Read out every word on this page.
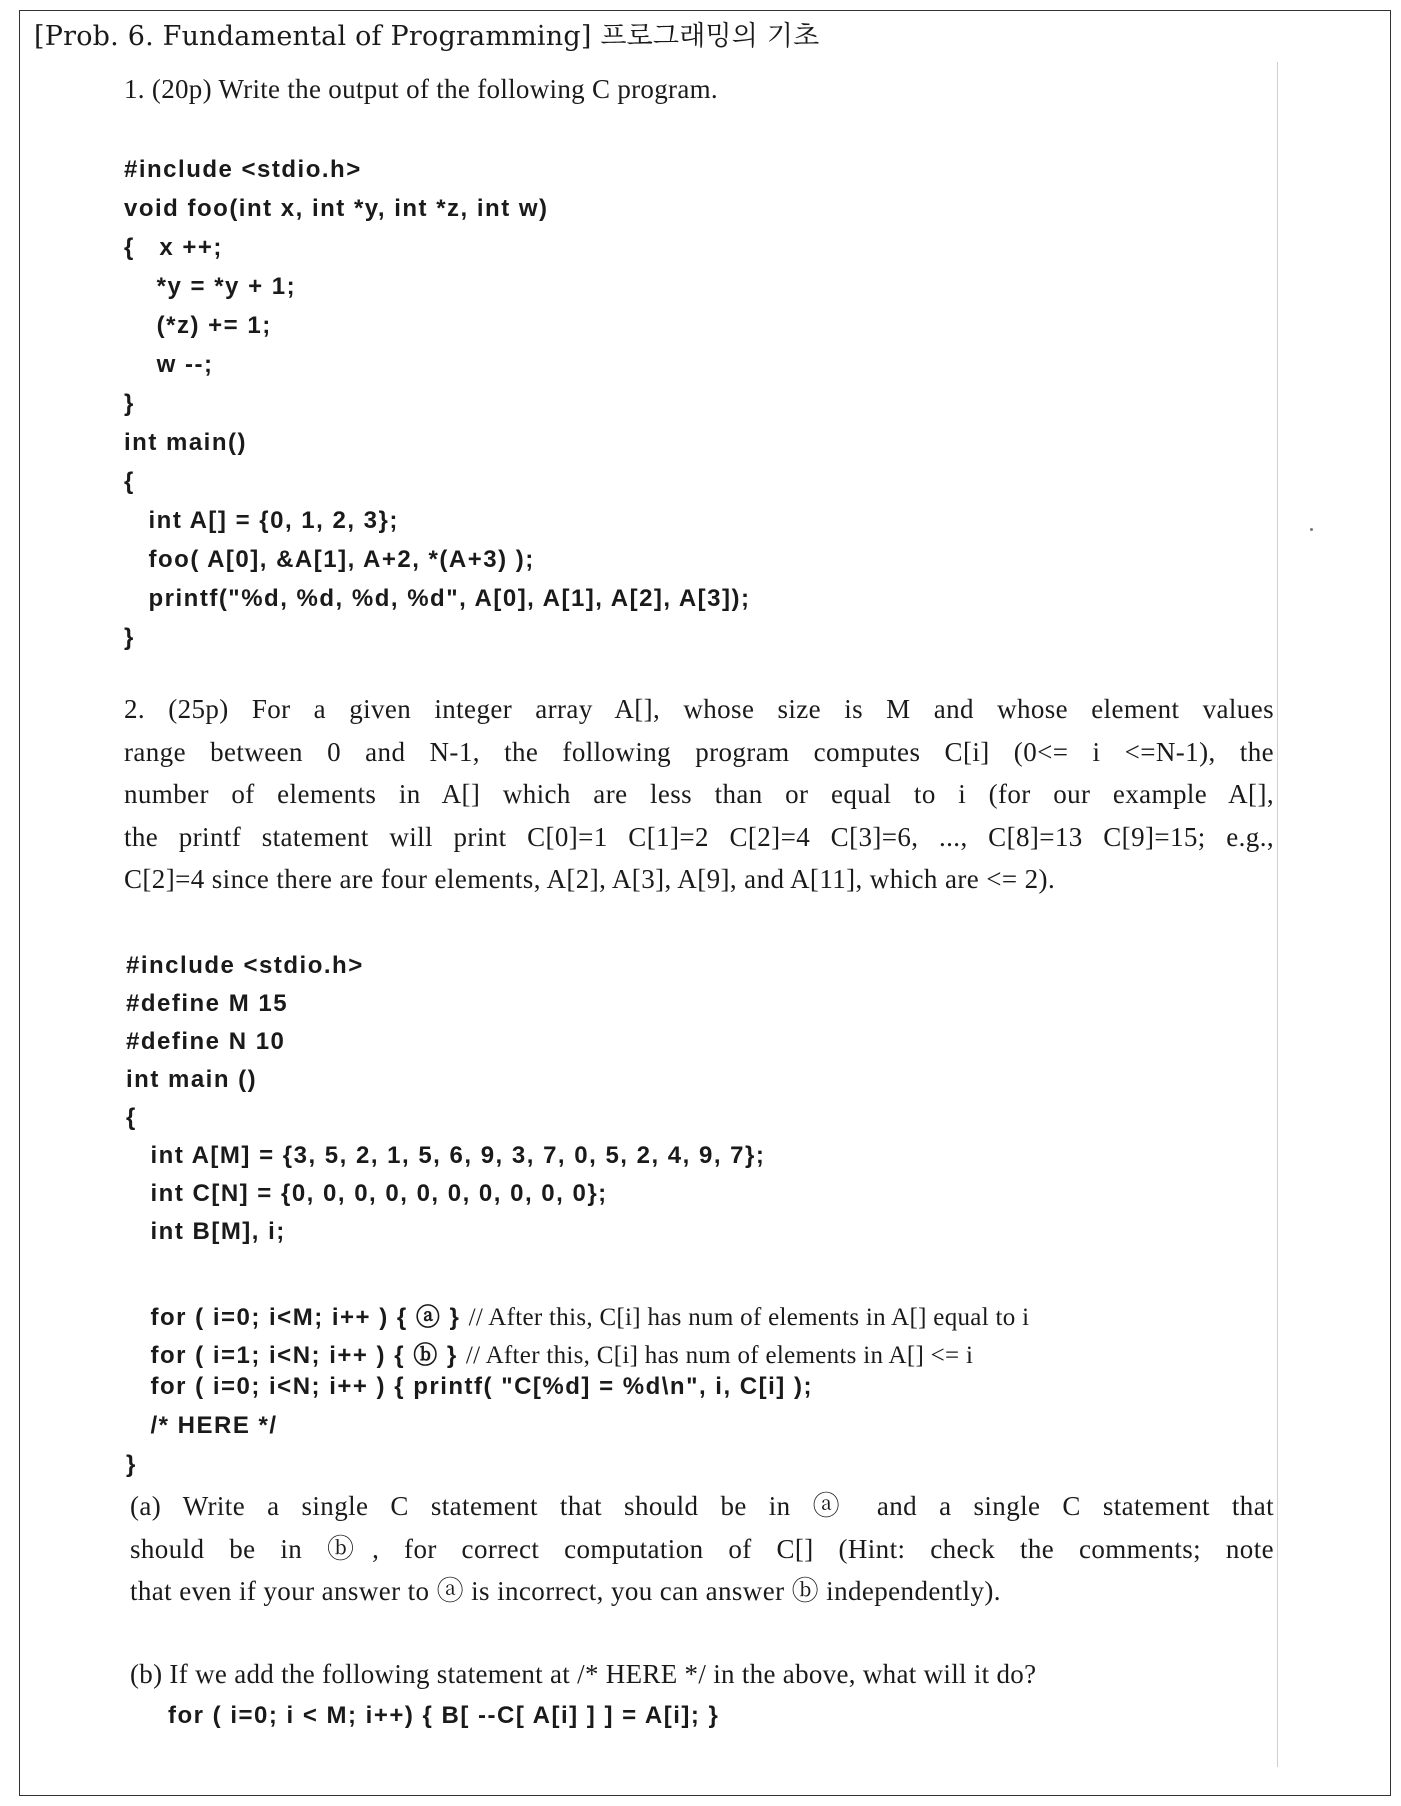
[Prob. 6. Fundamental of Programming] 프로그래밍의 기초
1. (20p) Write the output of the following C program.
#include <stdio.h>
void foo(int x, int *y, int *z, int w)
{   x ++;
*y = *y + 1;
(*z) += 1;
w --;
}
int main()
{
int A[] = {0, 1, 2, 3};
foo( A[0], &A[1], A+2, *(A+3) );
printf("%d, %d, %d, %d", A[0], A[1], A[2], A[3]);
}
2. (25p) For a given integer array A[], whose size is M and whose element values
range between 0 and N-1, the following program computes C[i] (0<= i <=N-1), the
number of elements in A[] which are less than or equal to i (for our example A[],
the printf statement will print C[0]=1 C[1]=2 C[2]=4 C[3]=6, ..., C[8]=13 C[9]=15; e.g.,
C[2]=4 since there are four elements, A[2], A[3], A[9], and A[11], which are <= 2).
#include <stdio.h>
#define M 15
#define N 10
int main ()
{
int A[M] = {3, 5, 2, 1, 5, 6, 9, 3, 7, 0, 5, 2, 4, 9, 7};
int C[N] = {0, 0, 0, 0, 0, 0, 0, 0, 0, 0};
int B[M], i;
for ( i=0; i<M; i++ ) { ⓐ } // After this, C[i] has num of elements in A[] equal to i
for ( i=1; i<N; i++ ) { ⓑ } // After this, C[i] has num of elements in A[] <= i
for ( i=0; i<N; i++ ) { printf( "C[%d] = %d\n", i, C[i] );
/* HERE */
}
(a) Write a single C statement that should be in ⓐ and a single C statement that
should be in ⓑ, for correct computation of C[] (Hint: check the comments; note
that even if your answer to ⓐ is incorrect, you can answer ⓑ independently).
(b) If we add the following statement at /* HERE */ in the above, what will it do?
for ( i=0; i < M; i++) { B[ --C[ A[i] ] ] = A[i]; }
